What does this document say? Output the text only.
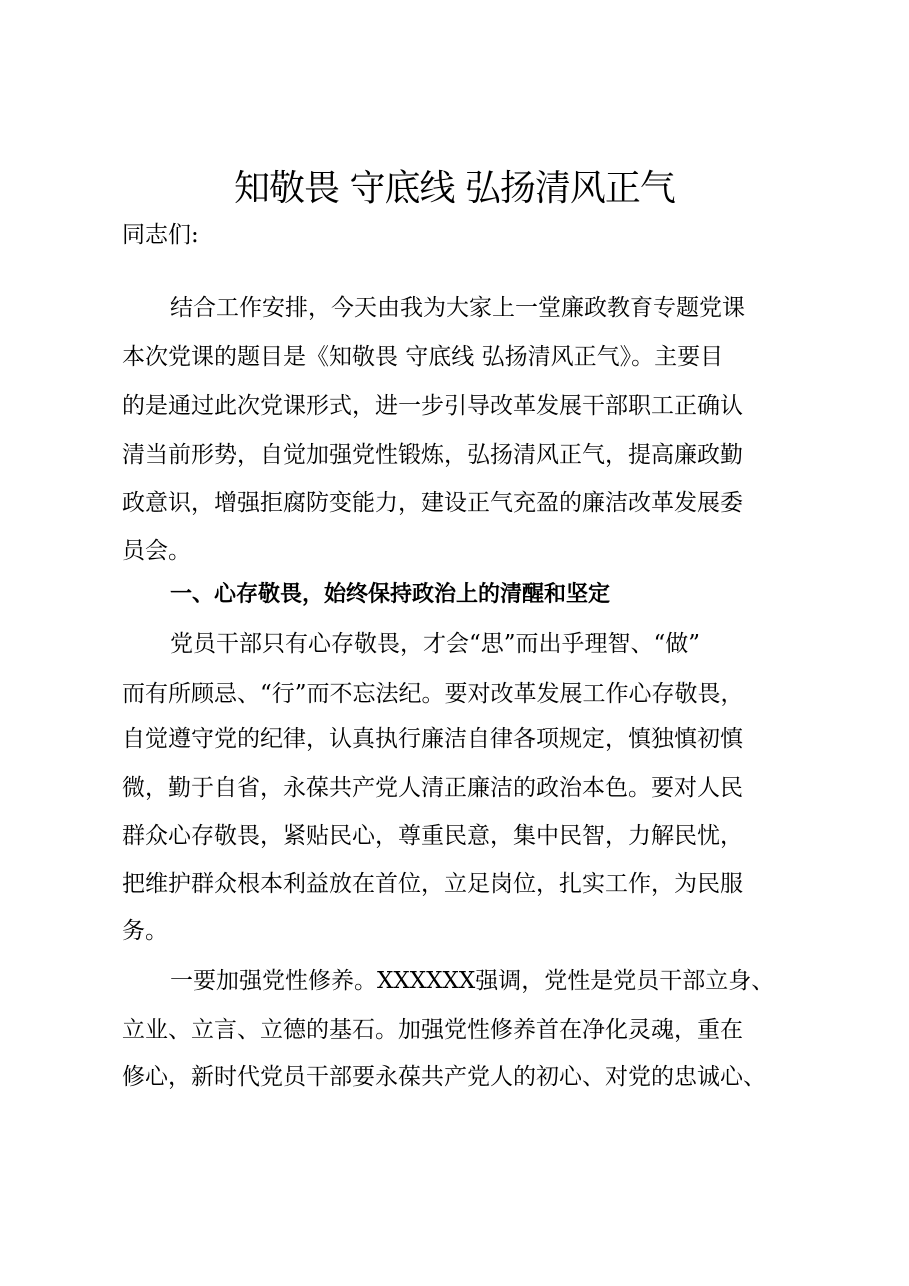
知敬畏 守底线 弘扬清风正气
同志们:
结合工作安排，今天由我为大家上一堂廉政教育专题党课
本次党课的题目是《知敬畏 守底线 弘扬清风正气》。主要目
的是通过此次党课形式，进一步引导改革发展干部职工正确认
清当前形势，自觉加强党性锻炼，弘扬清风正气，提高廉政勤
政意识，增强拒腐防变能力，建设正气充盈的廉洁改革发展委
员会。
一、心存敬畏，始终保持政治上的清醒和坚定
党员干部只有心存敬畏，才会“思”而出乎理智、“做”
而有所顾忌、“行”而不忘法纪。要对改革发展工作心存敬畏，
自觉遵守党的纪律，认真执行廉洁自律各项规定，慎独慎初慎
微，勤于自省，永葆共产党人清正廉洁的政治本色。要对人民
群众心存敬畏，紧贴民心，尊重民意，集中民智，力解民忧，
把维护群众根本利益放在首位，立足岗位，扎实工作，为民服
务。
一要加强党性修养。XXXXXX强调，党性是党员干部立身、
立业、立言、立德的基石。加强党性修养首在净化灵魂，重在
修心，新时代党员干部要永葆共产党人的初心、对党的忠诚心、
